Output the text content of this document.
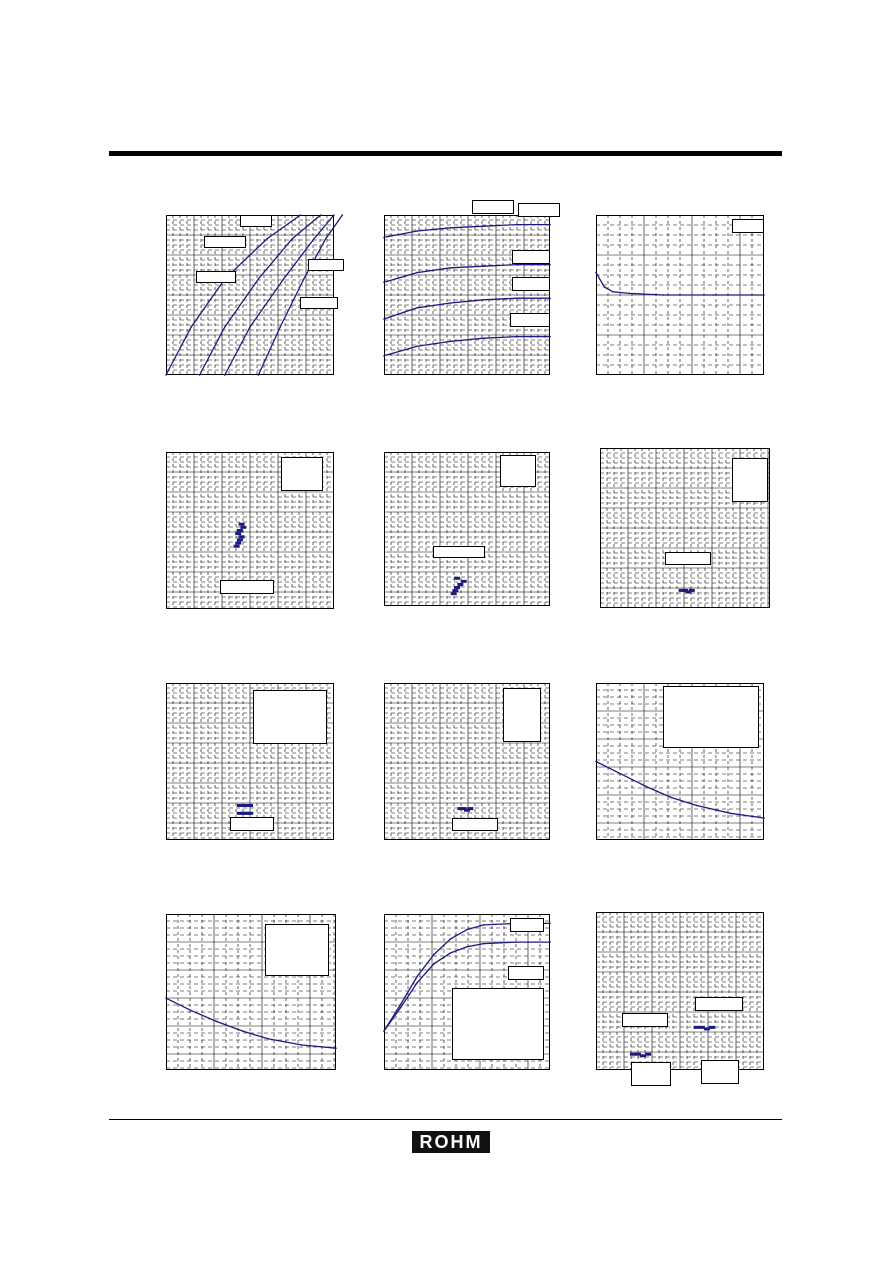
ROHM
